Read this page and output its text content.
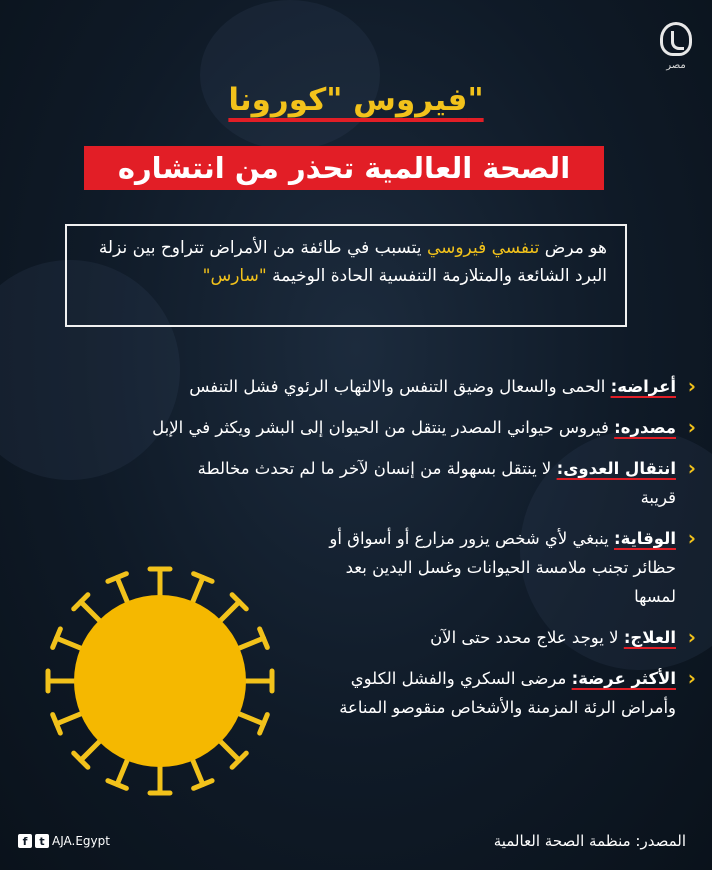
مصر
فيروس "كورونا"
الصحة العالمية تحذر من انتشاره
هو مرض تنفسي فيروسي يتسبب في طائفة من الأمراض تتراوح بين نزلة البرد الشائعة والمتلازمة التنفسية الحادة الوخيمة "سارس"
‹
أعراضه: الحمى والسعال وضيق التنفس والالتهاب الرئوي فشل التنفس
‹
مصدره: فيروس حيواني المصدر ينتقل من الحيوان إلى البشر ويكثر في الإبل
‹
انتقال العدوى: لا ينتقل بسهولة من إنسان لآخر ما لم تحدث مخالطة قريبة
‹
الوقاية: ينبغي لأي شخص يزور مزارع أو أسواق أو حظائر تجنب ملامسة الحيوانات وغسل اليدين بعد لمسها
‹
العلاج: لا يوجد علاج محدد حتى الآن
‹
الأكثر عرضة: مرضى السكري والفشل الكلوي وأمراض الرئة المزمنة والأشخاص منقوصو المناعة
f	t AJA.Egypt	المصدر: منظمة الصحة العالمية
